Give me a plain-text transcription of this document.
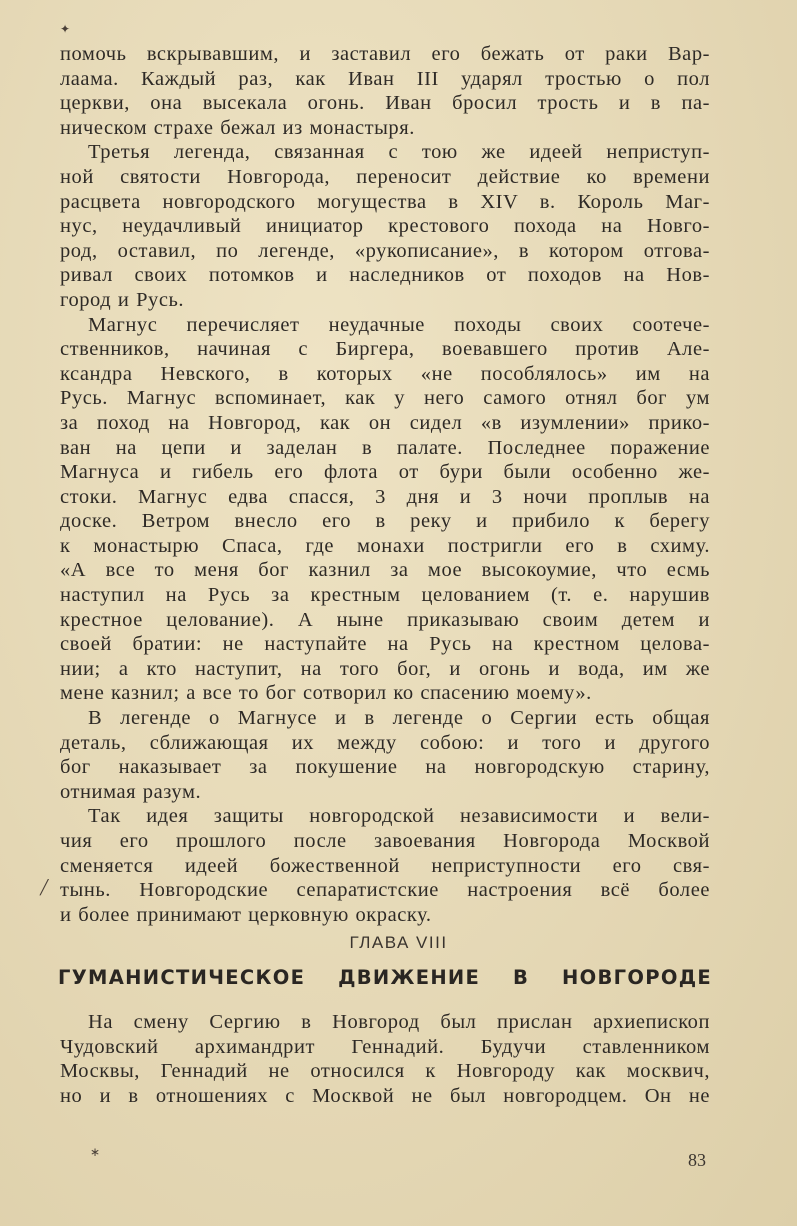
помочь вскрывавшим, и заставил его бежать от раки Вар-
лаама. Каждый раз, как Иван III ударял тростью о пол
церкви, она высекала огонь. Иван бросил трость и в па-
ническом страхе бежал из монастыря.
Третья легенда, связанная с тою же идеей неприступ-
ной святости Новгорода, переносит действие ко времени
расцвета новгородского могущества в XIV в. Король Маг-
нус, неудачливый инициатор крестового похода на Новго-
род, оставил, по легенде, «рукописание», в котором отгова-
ривал своих потомков и наследников от походов на Нов-
город и Русь.
Магнус перечисляет неудачные походы своих соотече-
ственников, начиная с Биргера, воевавшего против Але-
ксандра Невского, в которых «не пособлялось» им на
Русь. Магнус вспоминает, как у него самого отнял бог ум
за поход на Новгород, как он сидел «в изумлении» прико-
ван на цепи и заделан в палате. Последнее поражение
Магнуса и гибель его флота от бури были особенно же-
стоки. Магнус едва спасся, 3 дня и 3 ночи проплыв на
доске. Ветром внесло его в реку и прибило к берегу
к монастырю Спаса, где монахи постригли его в схиму.
«А все то меня бог казнил за мое высокоумие, что есмь
наступил на Русь за крестным целованием (т. е. нарушив
крестное целование). А ныне приказываю своим детем и
своей братии: не наступайте на Русь на крестном целова-
нии; а кто наступит, на того бог, и огонь и вода, им же
мене казнил; а все то бог сотворил ко спасению моему».
В легенде о Магнусе и в легенде о Сергии есть общая
деталь, сближающая их между собою: и того и другого
бог наказывает за покушение на новгородскую старину,
отнимая разум.
Так идея защиты новгородской независимости и вели-
чия его прошлого после завоевания Новгорода Москвой
сменяется идеей божественной неприступности его свя-
тынь. Новгородские сепаратистские настроения всё более
и более принимают церковную окраску.
ГЛАВА VIII
ГУМАНИСТИЧЕСКОЕ ДВИЖЕНИЕ В НОВГОРОДЕ
На смену Сергию в Новгород был прислан архиепископ
Чудовский архимандрит Геннадий. Будучи ставленником
Москвы, Геннадий не относился к Новгороду как москвич,
но и в отношениях с Москвой не был новгородцем. Он не
83
✦
╱
∗
